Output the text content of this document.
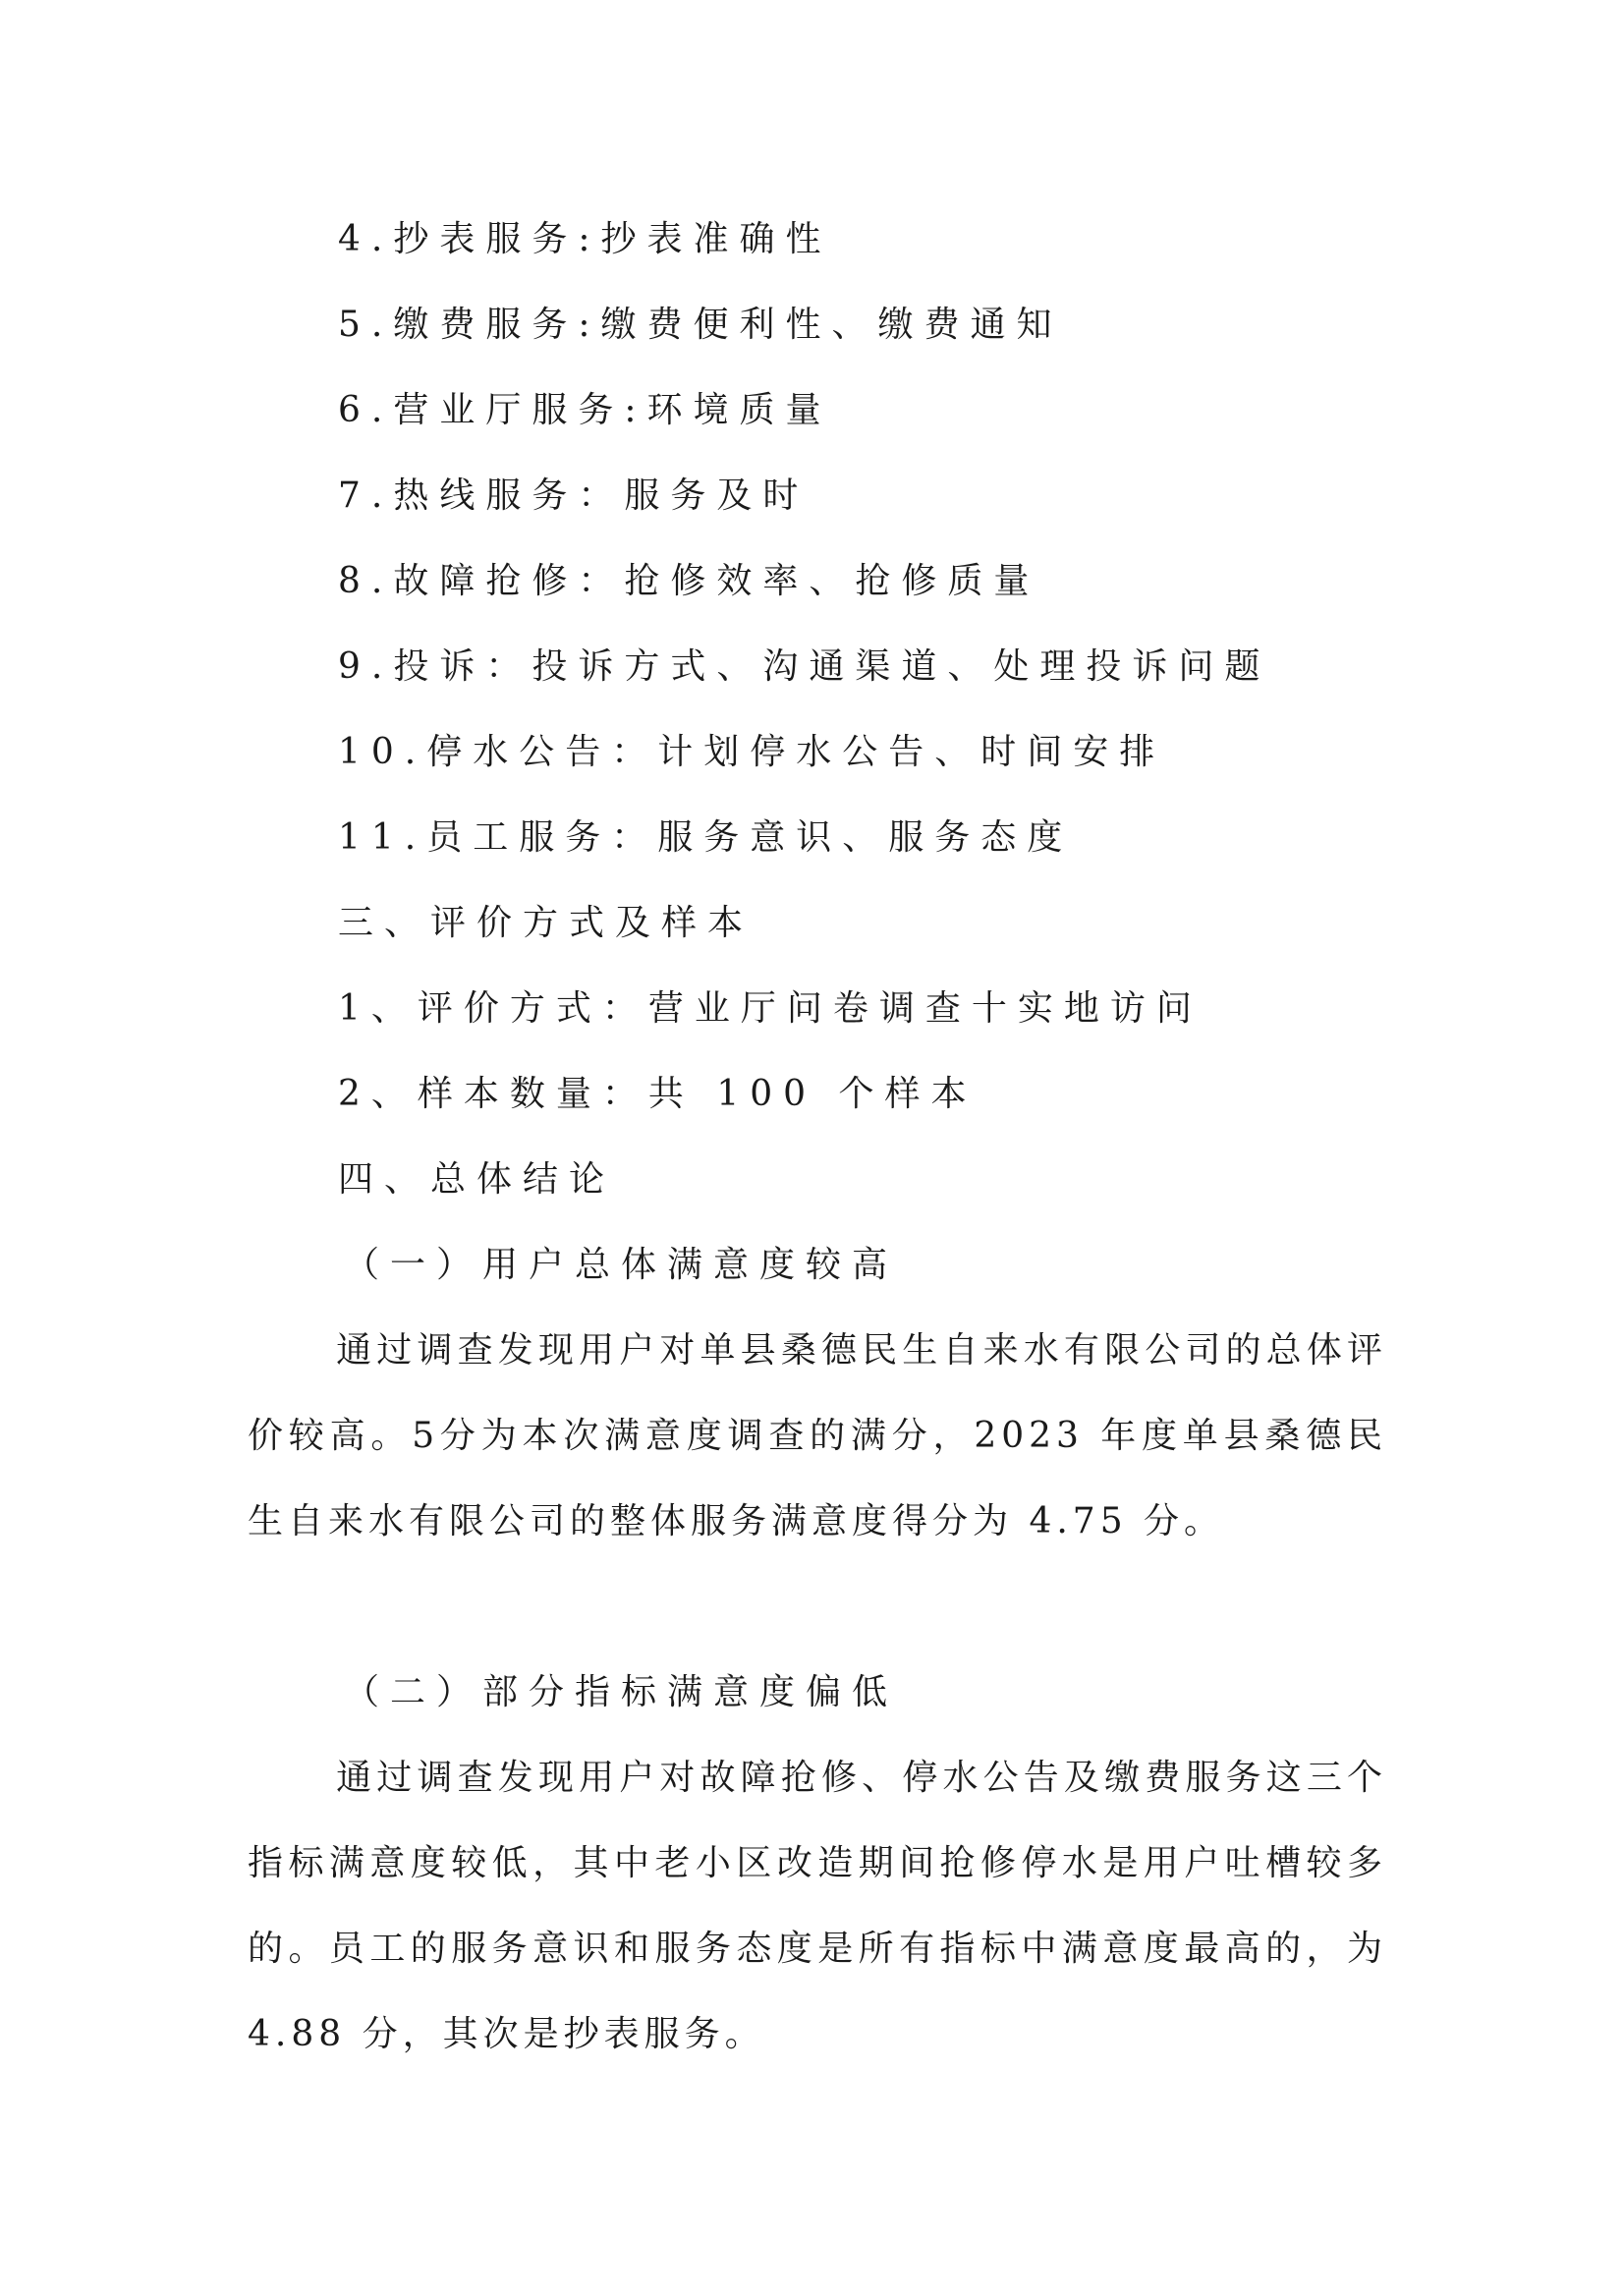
4.抄表服务:抄表准确性
5.缴费服务:缴费便利性、缴费通知
6.营业厅服务:环境质量
7.热线服务：服务及时
8.故障抢修：抢修效率、抢修质量
9.投诉：投诉方式、沟通渠道、处理投诉问题
10.停水公告：计划停水公告、时间安排
11.员工服务：服务意识、服务态度
三、评价方式及样本
1、评价方式：营业厅问卷调查十实地访问
2、样本数量：共 100 个样本
四、总体结论
（一）用户总体满意度较高
通过调查发现用户对单县桑德民生自来水有限公司的总体评价较高。5分为本次满意度调查的满分，2023 年度单县桑德民生自来水有限公司的整体服务满意度得分为 4.75 分。
（二）部分指标满意度偏低
通过调查发现用户对故障抢修、停水公告及缴费服务这三个指标满意度较低，其中老小区改造期间抢修停水是用户吐槽较多的。员工的服务意识和服务态度是所有指标中满意度最高的，为 4.88 分，其次是抄表服务。
